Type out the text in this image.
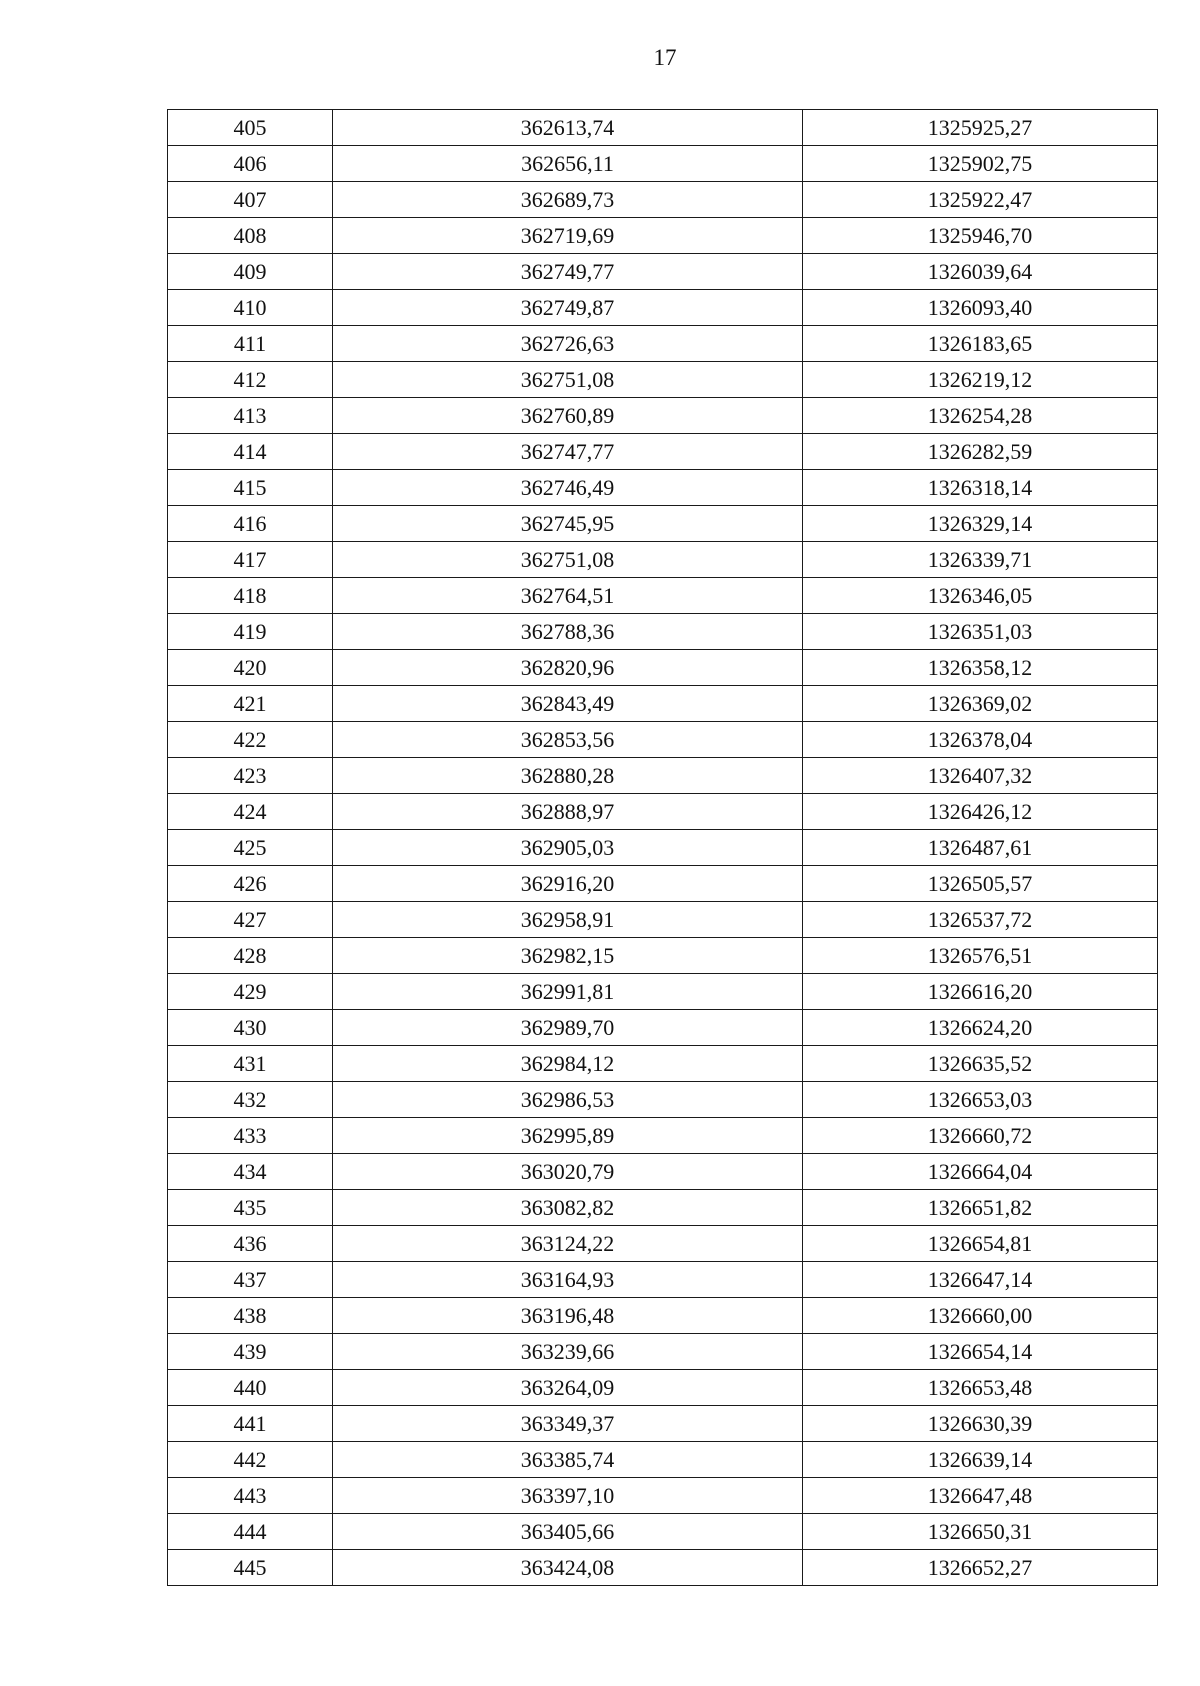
17
405	362613,74	1325925,27
406	362656,11	1325902,75
407	362689,73	1325922,47
408	362719,69	1325946,70
409	362749,77	1326039,64
410	362749,87	1326093,40
411	362726,63	1326183,65
412	362751,08	1326219,12
413	362760,89	1326254,28
414	362747,77	1326282,59
415	362746,49	1326318,14
416	362745,95	1326329,14
417	362751,08	1326339,71
418	362764,51	1326346,05
419	362788,36	1326351,03
420	362820,96	1326358,12
421	362843,49	1326369,02
422	362853,56	1326378,04
423	362880,28	1326407,32
424	362888,97	1326426,12
425	362905,03	1326487,61
426	362916,20	1326505,57
427	362958,91	1326537,72
428	362982,15	1326576,51
429	362991,81	1326616,20
430	362989,70	1326624,20
431	362984,12	1326635,52
432	362986,53	1326653,03
433	362995,89	1326660,72
434	363020,79	1326664,04
435	363082,82	1326651,82
436	363124,22	1326654,81
437	363164,93	1326647,14
438	363196,48	1326660,00
439	363239,66	1326654,14
440	363264,09	1326653,48
441	363349,37	1326630,39
442	363385,74	1326639,14
443	363397,10	1326647,48
444	363405,66	1326650,31
445	363424,08	1326652,27
